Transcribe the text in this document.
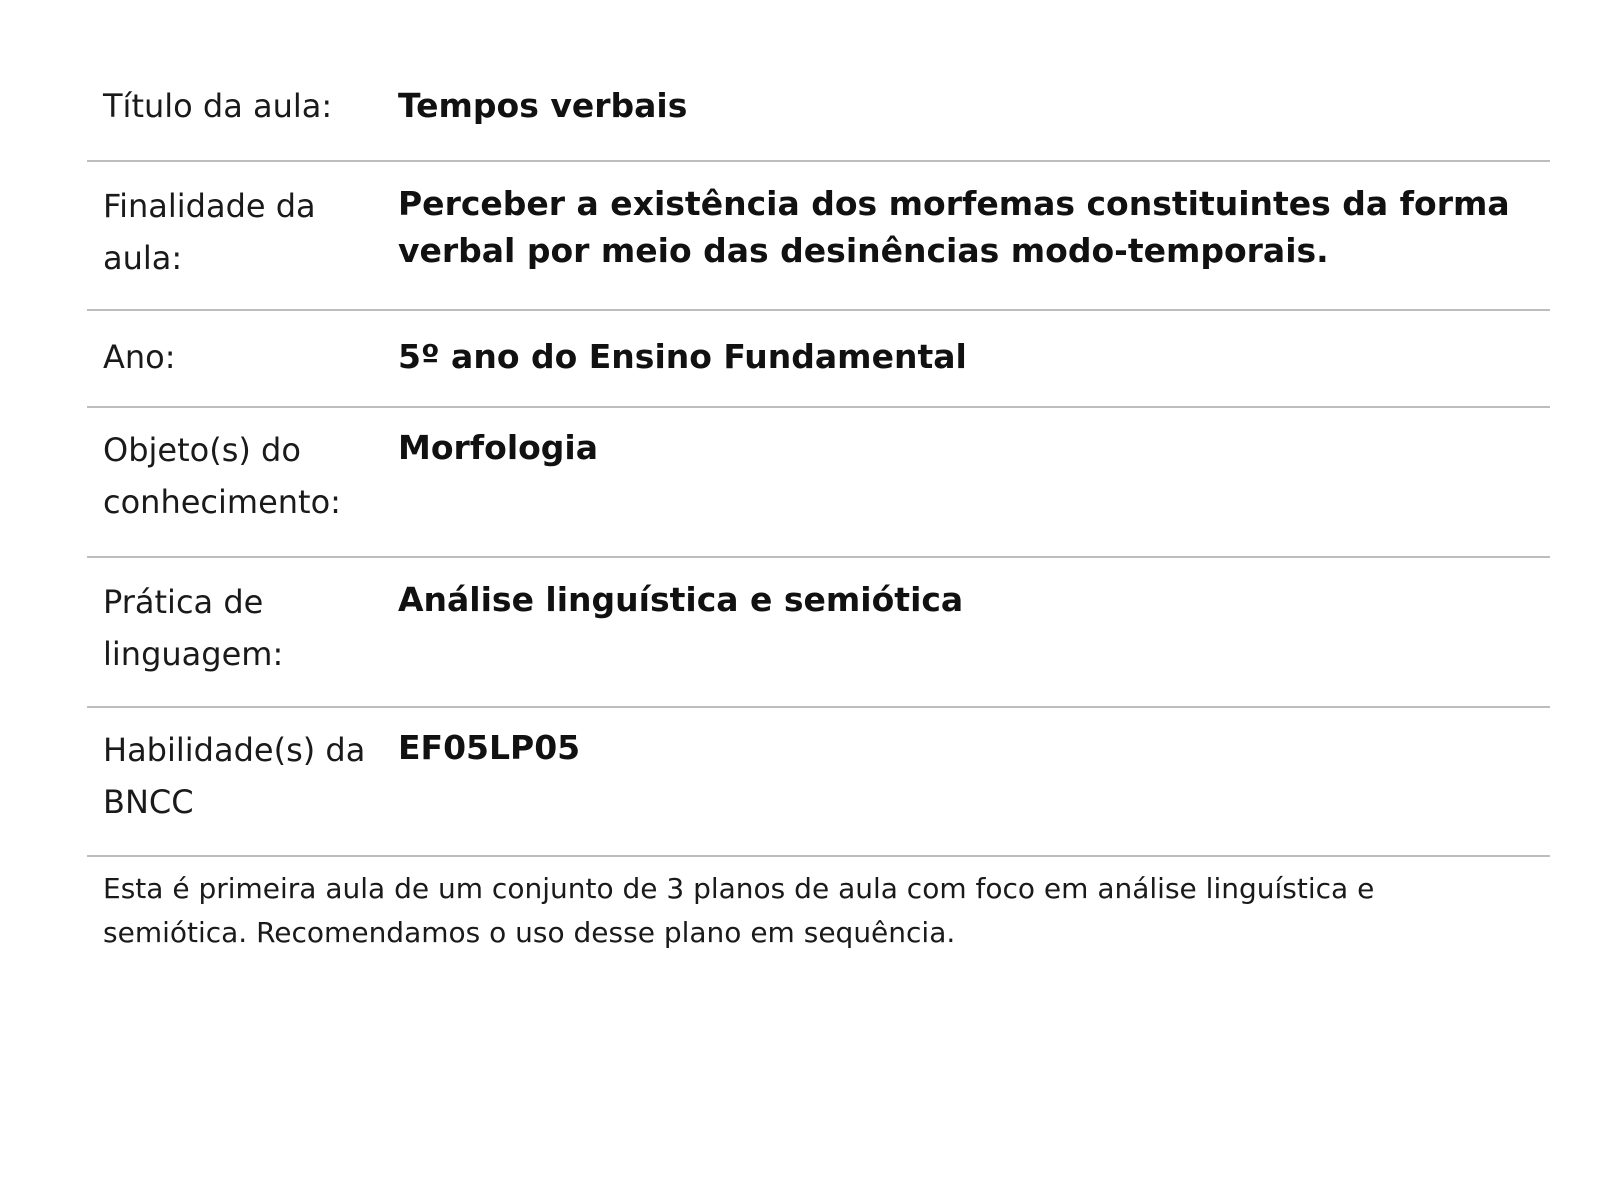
Título da aula:	Tempos verbais
Finalidade da aula:
Perceber a existência dos morfemas constituintes da forma verbal por meio das desinências modo-temporais.
Ano:	5º ano do Ensino Fundamental
Objeto(s) do conhecimento:
Morfologia
Prática de linguagem:
Análise linguística e semiótica
Habilidade(s) da BNCC
EF05LP05
Esta é primeira aula de um conjunto de 3 planos de aula com foco em análise linguística e semiótica. Recomendamos o uso desse plano em sequência.
